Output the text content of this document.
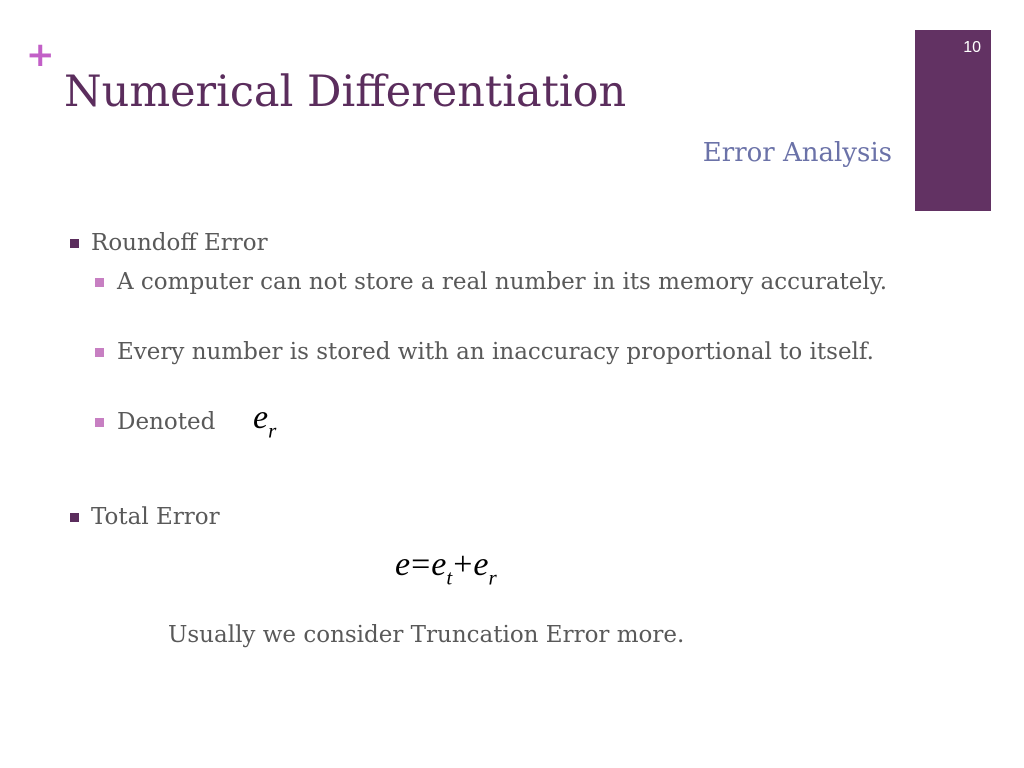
+	10
Numerical Differentiation
Error Analysis
Roundoff Error
A computer can not store a real number in its memory accurately.
Every number is stored with an inaccuracy proportional to itself.
Denoted	$e_r$
Total Error
$e=e_t+e_r$
Usually we consider Truncation Error more.
